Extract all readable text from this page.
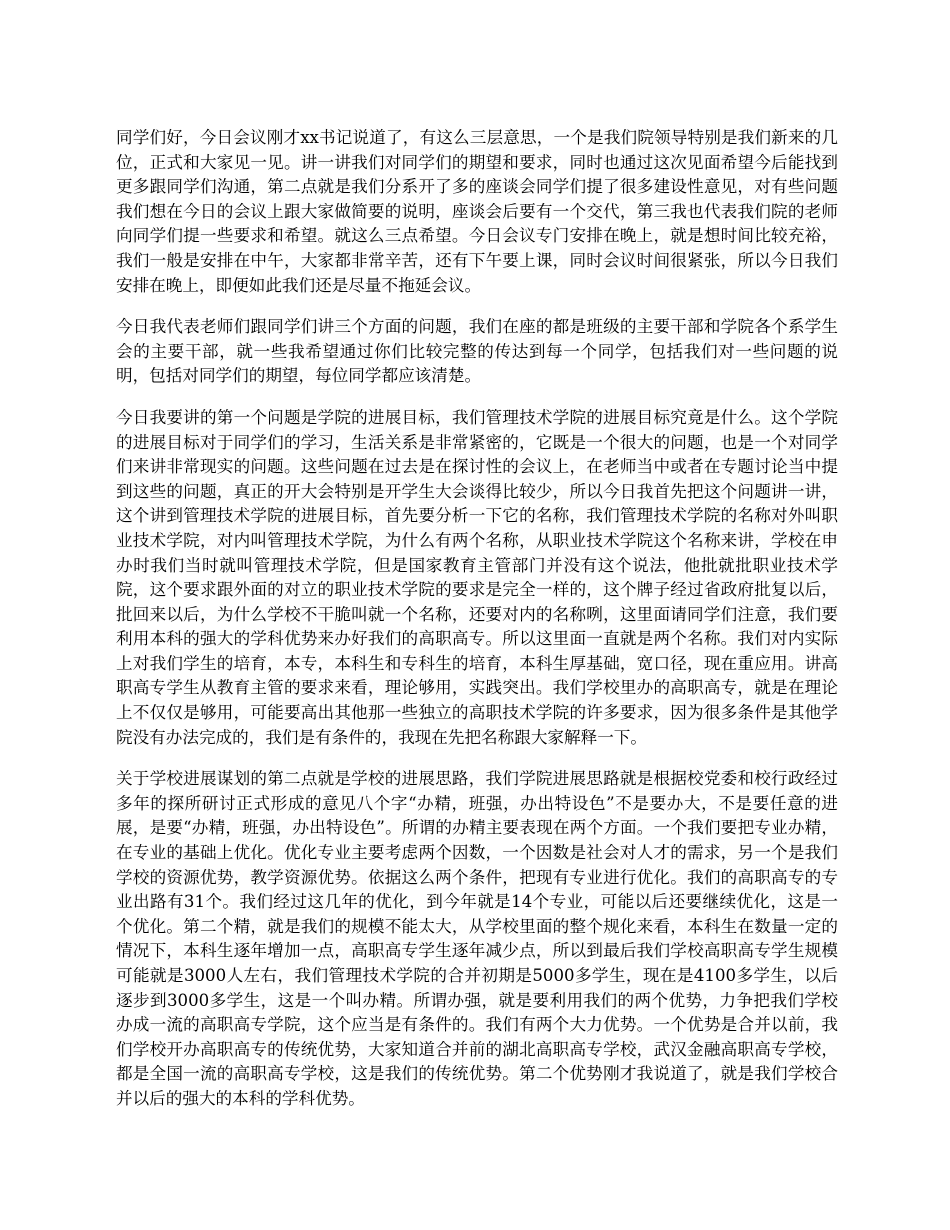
同学们好，今日会议刚才xx书记说道了，有这么三层意思，一个是我们院领导特别是我们新来的几位，正式和大家见一见。讲一讲我们对同学们的期望和要求，同时也通过这次见面希望今后能找到更多跟同学们沟通，第二点就是我们分系开了多的座谈会同学们提了很多建设性意见，对有些问题我们想在今日的会议上跟大家做简要的说明，座谈会后要有一个交代，第三我也代表我们院的老师向同学们提一些要求和希望。就这么三点希望。今日会议专门安排在晚上，就是想时间比较充裕，我们一般是安排在中午，大家都非常辛苦，还有下午要上课，同时会议时间很紧张，所以今日我们安排在晚上，即便如此我们还是尽量不拖延会议。

今日我代表老师们跟同学们讲三个方面的问题，我们在座的都是班级的主要干部和学院各个系学生会的主要干部，就一些我希望通过你们比较完整的传达到每一个同学，包括我们对一些问题的说明，包括对同学们的期望，每位同学都应该清楚。

今日我要讲的第一个问题是学院的进展目标，我们管理技术学院的进展目标究竟是什么。这个学院的进展目标对于同学们的学习，生活关系是非常紧密的，它既是一个很大的问题，也是一个对同学们来讲非常现实的问题。这些问题在过去是在探讨性的会议上，在老师当中或者在专题讨论当中提到这些的问题，真正的开大会特别是开学生大会谈得比较少，所以今日我首先把这个问题讲一讲，这个讲到管理技术学院的进展目标，首先要分析一下它的名称，我们管理技术学院的名称对外叫职业技术学院，对内叫管理技术学院，为什么有两个名称，从职业技术学院这个名称来讲，学校在申办时我们当时就叫管理技术学院，但是国家教育主管部门并没有这个说法，他批就批职业技术学院，这个要求跟外面的对立的职业技术学院的要求是完全一样的，这个牌子经过省政府批复以后，批回来以后，为什么学校不干脆叫就一个名称，还要对内的名称咧，这里面请同学们注意，我们要利用本科的强大的学科优势来办好我们的高职高专。所以这里面一直就是两个名称。我们对内实际上对我们学生的培育，本专，本科生和专科生的培育，本科生厚基础，宽口径，现在重应用。讲高职高专学生从教育主管的要求来看，理论够用，实践突出。我们学校里办的高职高专，就是在理论上不仅仅是够用，可能要高出其他那一些独立的高职技术学院的许多要求，因为很多条件是其他学院没有办法完成的，我们是有条件的，我现在先把名称跟大家解释一下。

关于学校进展谋划的第二点就是学校的进展思路，我们学院进展思路就是根据校党委和校行政经过多年的探所研讨正式形成的意见八个字“办精，班强，办出特设色”不是要办大，不是要任意的进展，是要“办精，班强，办出特设色”。所谓的办精主要表现在两个方面。一个我们要把专业办精，在专业的基础上优化。优化专业主要考虑两个因数，一个因数是社会对人才的需求，另一个是我们学校的资源优势，教学资源优势。依据这么两个条件，把现有专业进行优化。我们的高职高专的专业出路有31个。我们经过这几年的优化，到今年就是14个专业，可能以后还要继续优化，这是一个优化。第二个精，就是我们的规模不能太大，从学校里面的整个规化来看，本科生在数量一定的情况下，本科生逐年增加一点，高职高专学生逐年减少点，所以到最后我们学校高职高专学生规模可能就是3000人左右，我们管理技术学院的合并初期是5000多学生，现在是4100多学生，以后逐步到3000多学生，这是一个叫办精。所谓办强，就是要利用我们的两个优势，力争把我们学校办成一流的高职高专学院，这个应当是有条件的。我们有两个大力优势。一个优势是合并以前，我们学校开办高职高专的传统优势，大家知道合并前的湖北高职高专学校，武汉金融高职高专学校，都是全国一流的高职高专学校，这是我们的传统优势。第二个优势刚才我说道了，就是我们学校合并以后的强大的本科的学科优势。
